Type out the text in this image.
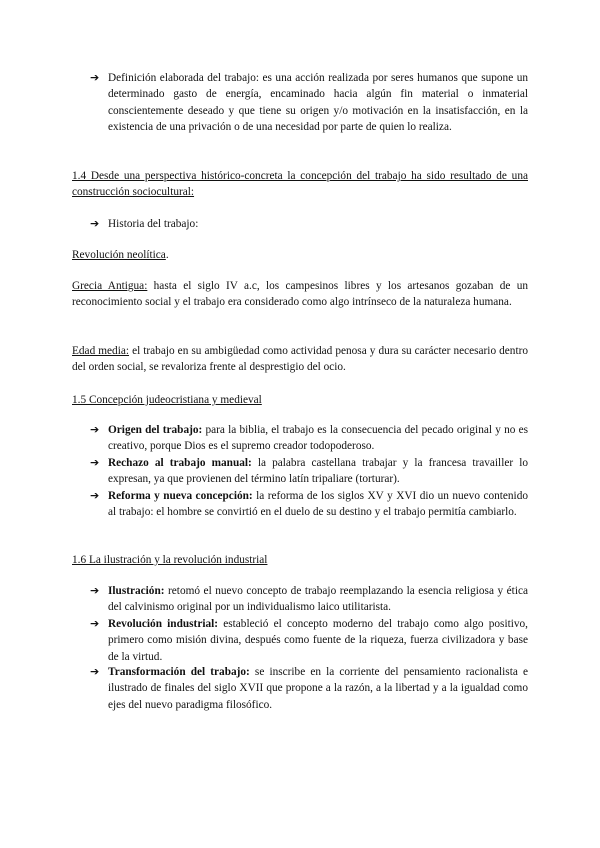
➔ Definición elaborada del trabajo: es una acción realizada por seres humanos que supone un determinado gasto de energía, encaminado hacia algún fin material o inmaterial conscientemente deseado y que tiene su origen y/o motivación en la insatisfacción, en la existencia de una privación o de una necesidad por parte de quien lo realiza.
1.4 Desde una perspectiva histórico-concreta la concepción del trabajo ha sido resultado de una construcción sociocultural:
➔ Historia del trabajo:
Revolución neolítica.
Grecia Antigua: hasta el siglo IV a.c, los campesinos libres y los artesanos gozaban de un reconocimiento social y el trabajo era considerado como algo intrínseco de la naturaleza humana.
Edad media: el trabajo en su ambigüedad como actividad penosa y dura su carácter necesario dentro del orden social, se revaloriza frente al desprestigio del ocio.
1.5 Concepción judeocristiana y medieval
➔ Origen del trabajo: para la biblia, el trabajo es la consecuencia del pecado original y no es creativo, porque Dios es el supremo creador todopoderoso.
➔ Rechazo al trabajo manual: la palabra castellana trabajar y la francesa travailler lo expresan, ya que provienen del término latín tripaliare (torturar).
➔ Reforma y nueva concepción: la reforma de los siglos XV y XVI dio un nuevo contenido al trabajo: el hombre se convirtió en el duelo de su destino y el trabajo permitía cambiarlo.
1.6 La ilustración y la revolución industrial
➔ Ilustración: retomó el nuevo concepto de trabajo reemplazando la esencia religiosa y ética del calvinismo original por un individualismo laico utilitarista.
➔ Revolución industrial: estableció el concepto moderno del trabajo como algo positivo, primero como misión divina, después como fuente de la riqueza, fuerza civilizadora y base de la virtud.
➔ Transformación del trabajo: se inscribe en la corriente del pensamiento racionalista e ilustrado de finales del siglo XVII que propone a la razón, a la libertad y a la igualdad como ejes del nuevo paradigma filosófico.
